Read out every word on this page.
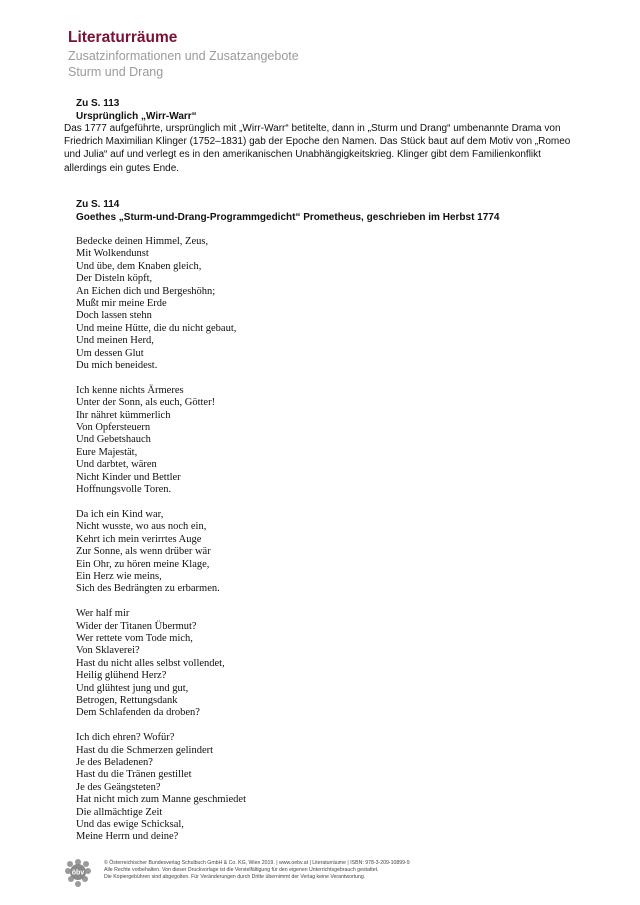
Literaturräume
Zusatzinformationen und Zusatzangebote
Sturm und Drang
Zu S. 113
Ursprünglich „Wirr-Warr“
Das 1777 aufgeführte, ursprünglich mit „Wirr-Warr“ betitelte, dann in „Sturm und Drang“ umbenannte Drama von Friedrich Maximilian Klinger (1752–1831) gab der Epoche den Namen. Das Stück baut auf dem Motiv von „Romeo und Julia“ auf und verlegt es in den amerikanischen Unabhängigkeitskrieg. Klinger gibt dem Familienkonflikt allerdings ein gutes Ende.
Zu S. 114
Goethes „Sturm-und-Drang-Programmgedicht“ Prometheus, geschrieben im Herbst 1774
Bedecke deinen Himmel, Zeus,
Mit Wolkendunst
Und übe, dem Knaben gleich,
Der Disteln köpft,
An Eichen dich und Bergeshöhn;
Mußt mir meine Erde
Doch lassen stehn
Und meine Hütte, die du nicht gebaut,
Und meinen Herd,
Um dessen Glut
Du mich beneidest.
Ich kenne nichts Ärmeres
Unter der Sonn, als euch, Götter!
Ihr nähret kümmerlich
Von Opfersteuern
Und Gebetshauch
Eure Majestät,
Und darbtet, wären
Nicht Kinder und Bettler
Hoffnungsvolle Toren.
Da ich ein Kind war,
Nicht wusste, wo aus noch ein,
Kehrt ich mein verirrtes Auge
Zur Sonne, als wenn drüber wär
Ein Ohr, zu hören meine Klage,
Ein Herz wie meins,
Sich des Bedrängten zu erbarmen.
Wer half mir
Wider der Titanen Übermut?
Wer rettete vom Tode mich,
Von Sklaverei?
Hast du nicht alles selbst vollendet,
Heilig glühend Herz?
Und glühtest jung und gut,
Betrogen, Rettungsdank
Dem Schlafenden da droben?
Ich dich ehren? Wofür?
Hast du die Schmerzen gelindert
Je des Beladenen?
Hast du die Tränen gestillet
Je des Geängsteten?
Hat nicht mich zum Manne geschmiedet
Die allmächtige Zeit
Und das ewige Schicksal,
Meine Herrn und deine?
öbv
© Österreichischer Bundesverlag Schulbuch GmbH & Co. KG, Wien 2019. | www.oebv.at | Literaturräume | ISBN: 978-3-209-10899-9
Alle Rechte vorbehalten. Von dieser Druckvorlage ist die Vervielfältigung für den eigenen Unterrichtsgebrauch gestattet.
Die Kopiergebühren sind abgegolten. Für Veränderungen durch Dritte übernimmt der Verlag keine Verantwortung.
